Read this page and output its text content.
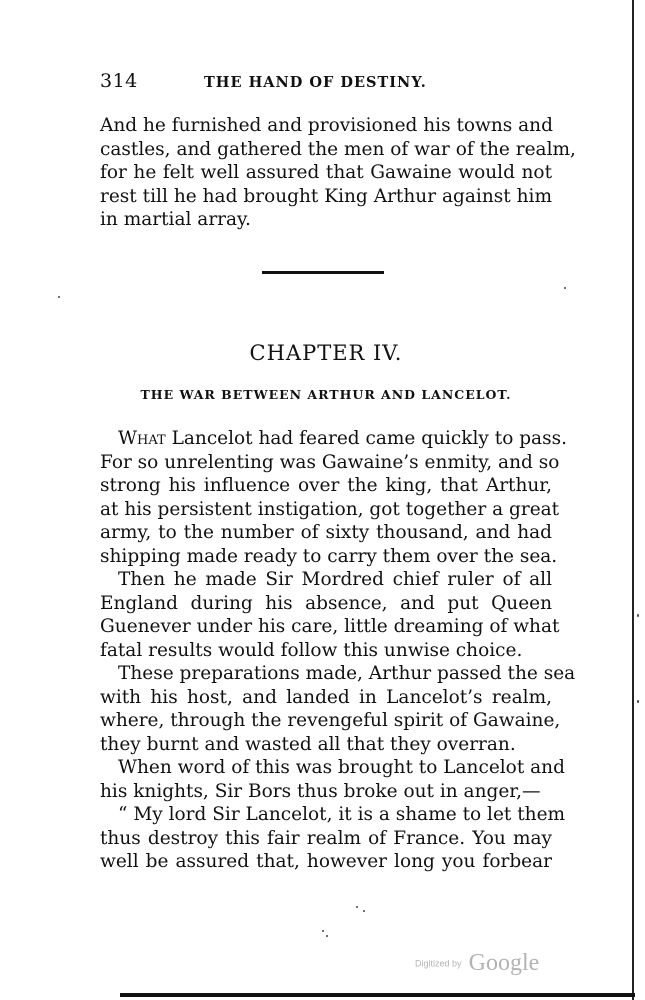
314	THE HAND OF DESTINY.
And he furnished and provisioned his towns and
castles, and gathered the men of war of the realm,
for he felt well assured that Gawaine would not
rest till he had brought King Arthur against him
in martial array.
CHAPTER IV.
THE WAR BETWEEN ARTHUR AND LANCELOT.
What Lancelot had feared came quickly to pass.
For so unrelenting was Gawaine’s enmity, and so
strong his influence over the king, that Arthur,
at his persistent instigation, got together a great
army, to the number of sixty thousand, and had
shipping made ready to carry them over the sea.
Then he made Sir Mordred chief ruler of all
England during his absence, and put Queen
Guenever under his care, little dreaming of what
fatal results would follow this unwise choice.
These preparations made, Arthur passed the sea
with his host, and landed in Lancelot’s realm,
where, through the revengeful spirit of Gawaine,
they burnt and wasted all that they overran.
When word of this was brought to Lancelot and
his knights, Sir Bors thus broke out in anger,—
“ My lord Sir Lancelot, it is a shame to let them
thus destroy this fair realm of France. You may
well be assured that, however long you forbear
Digitized by Google
